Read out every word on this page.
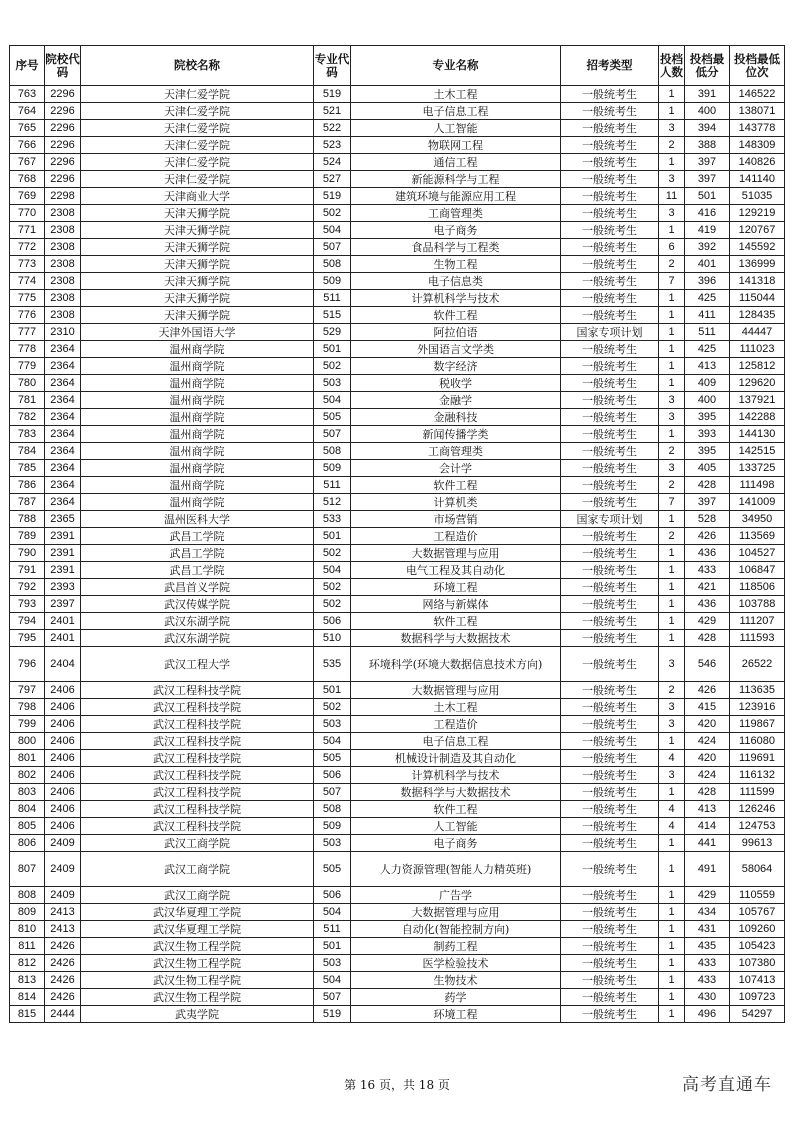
序号	院校代码	院校名称	专业代码	专业名称	招考类型	投档人数	投档最低分	投档最低位次
763	2296	天津仁爱学院	519	土木工程	一般统考生	1	391	146522
764	2296	天津仁爱学院	521	电子信息工程	一般统考生	1	400	138071
765	2296	天津仁爱学院	522	人工智能	一般统考生	3	394	143778
766	2296	天津仁爱学院	523	物联网工程	一般统考生	2	388	148309
767	2296	天津仁爱学院	524	通信工程	一般统考生	1	397	140826
768	2296	天津仁爱学院	527	新能源科学与工程	一般统考生	3	397	141140
769	2298	天津商业大学	519	建筑环境与能源应用工程	一般统考生	11	501	51035
770	2308	天津天狮学院	502	工商管理类	一般统考生	3	416	129219
771	2308	天津天狮学院	504	电子商务	一般统考生	1	419	120767
772	2308	天津天狮学院	507	食品科学与工程类	一般统考生	6	392	145592
773	2308	天津天狮学院	508	生物工程	一般统考生	2	401	136999
774	2308	天津天狮学院	509	电子信息类	一般统考生	7	396	141318
775	2308	天津天狮学院	511	计算机科学与技术	一般统考生	1	425	115044
776	2308	天津天狮学院	515	软件工程	一般统考生	1	411	128435
777	2310	天津外国语大学	529	阿拉伯语	国家专项计划	1	511	44447
778	2364	温州商学院	501	外国语言文学类	一般统考生	1	425	111023
779	2364	温州商学院	502	数字经济	一般统考生	1	413	125812
780	2364	温州商学院	503	税收学	一般统考生	1	409	129620
781	2364	温州商学院	504	金融学	一般统考生	3	400	137921
782	2364	温州商学院	505	金融科技	一般统考生	3	395	142288
783	2364	温州商学院	507	新闻传播学类	一般统考生	1	393	144130
784	2364	温州商学院	508	工商管理类	一般统考生	2	395	142515
785	2364	温州商学院	509	会计学	一般统考生	3	405	133725
786	2364	温州商学院	511	软件工程	一般统考生	2	428	111498
787	2364	温州商学院	512	计算机类	一般统考生	7	397	141009
788	2365	温州医科大学	533	市场营销	国家专项计划	1	528	34950
789	2391	武昌工学院	501	工程造价	一般统考生	2	426	113569
790	2391	武昌工学院	502	大数据管理与应用	一般统考生	1	436	104527
791	2391	武昌工学院	504	电气工程及其自动化	一般统考生	1	433	106847
792	2393	武昌首义学院	502	环境工程	一般统考生	1	421	118506
793	2397	武汉传媒学院	502	网络与新媒体	一般统考生	1	436	103788
794	2401	武汉东湖学院	506	软件工程	一般统考生	1	429	111207
795	2401	武汉东湖学院	510	数据科学与大数据技术	一般统考生	1	428	111593
796	2404	武汉工程大学	535	环境科学(环境大数据信息技术方向)	一般统考生	3	546	26522
797	2406	武汉工程科技学院	501	大数据管理与应用	一般统考生	2	426	113635
798	2406	武汉工程科技学院	502	土木工程	一般统考生	3	415	123916
799	2406	武汉工程科技学院	503	工程造价	一般统考生	3	420	119867
800	2406	武汉工程科技学院	504	电子信息工程	一般统考生	1	424	116080
801	2406	武汉工程科技学院	505	机械设计制造及其自动化	一般统考生	4	420	119691
802	2406	武汉工程科技学院	506	计算机科学与技术	一般统考生	3	424	116132
803	2406	武汉工程科技学院	507	数据科学与大数据技术	一般统考生	1	428	111599
804	2406	武汉工程科技学院	508	软件工程	一般统考生	4	413	126246
805	2406	武汉工程科技学院	509	人工智能	一般统考生	4	414	124753
806	2409	武汉工商学院	503	电子商务	一般统考生	1	441	99613
807	2409	武汉工商学院	505	人力资源管理(智能人力精英班)	一般统考生	1	491	58064
808	2409	武汉工商学院	506	广告学	一般统考生	1	429	110559
809	2413	武汉华夏理工学院	504	大数据管理与应用	一般统考生	1	434	105767
810	2413	武汉华夏理工学院	511	自动化(智能控制方向)	一般统考生	1	431	109260
811	2426	武汉生物工程学院	501	制药工程	一般统考生	1	435	105423
812	2426	武汉生物工程学院	503	医学检验技术	一般统考生	1	433	107380
813	2426	武汉生物工程学院	504	生物技术	一般统考生	1	433	107413
814	2426	武汉生物工程学院	507	药学	一般统考生	1	430	109723
815	2444	武夷学院	519	环境工程	一般统考生	1	496	54297
第 16 页，共 18 页	高考直通车
